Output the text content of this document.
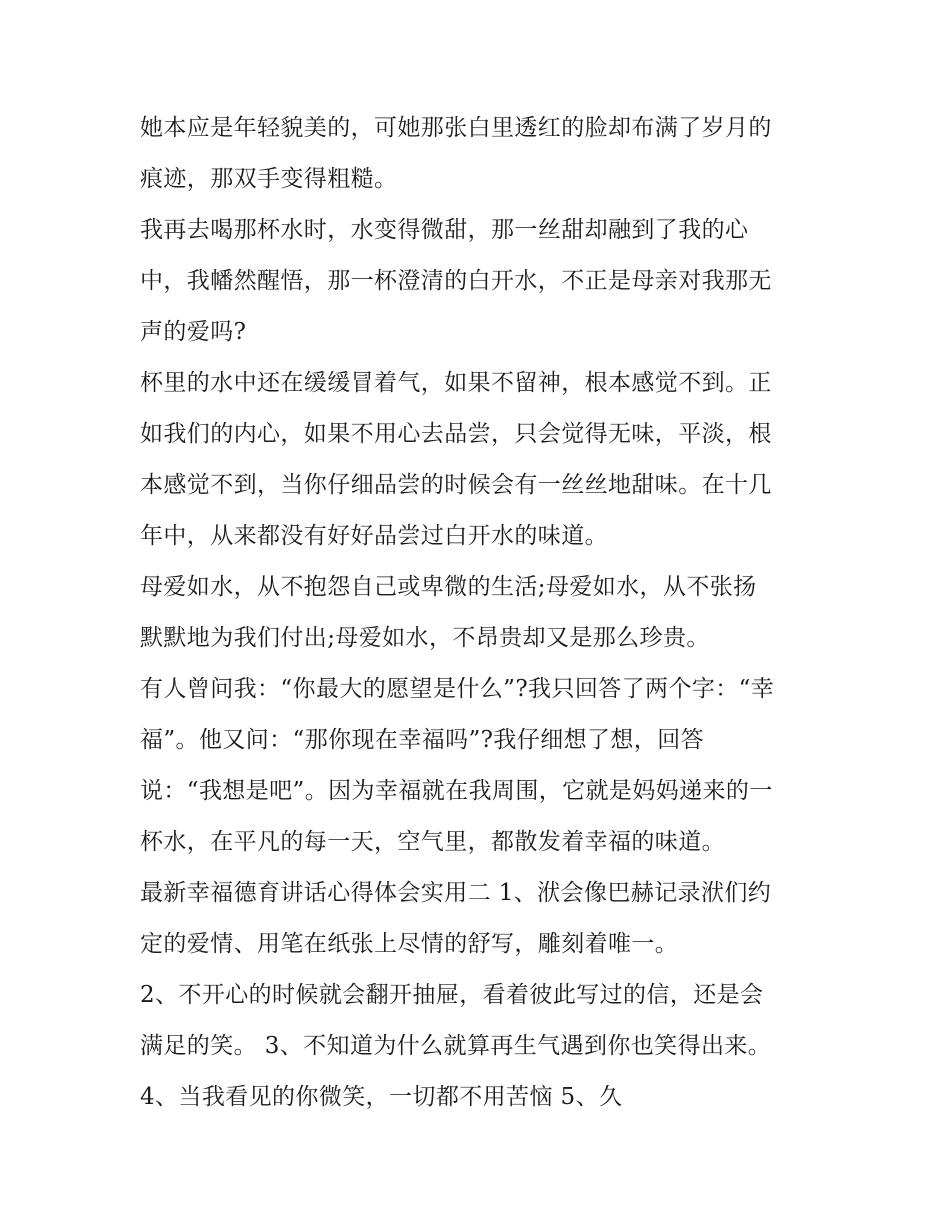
她本应是年轻貌美的，可她那张白里透红的脸却布满了岁月的
痕迹，那双手变得粗糙。
我再去喝那杯水时，水变得微甜，那一丝甜却融到了我的心
中，我幡然醒悟，那一杯澄清的白开水，不正是母亲对我那无
声的爱吗?
杯里的水中还在缓缓冒着气，如果不留神，根本感觉不到。正
如我们的内心，如果不用心去品尝，只会觉得无味，平淡，根
本感觉不到，当你仔细品尝的时候会有一丝丝地甜味。在十几
年中，从来都没有好好品尝过白开水的味道。
母爱如水，从不抱怨自己或卑微的生活;母爱如水，从不张扬
默默地为我们付出;母爱如水，不昂贵却又是那么珍贵。
有人曾问我：“你最大的愿望是什么”?我只回答了两个字：“幸
福”。他又问：“那你现在幸福吗”?我仔细想了想，回答
说：“我想是吧”。因为幸福就在我周围，它就是妈妈递来的一
杯水，在平凡的每一天，空气里，都散发着幸福的味道。
最新幸福德育讲话心得体会实用二 1、洑会像巴赫记录洑们约
定的爱情、用笔在纸张上尽情的舒写，雕刻着唯一。
2、不开心的时候就会翻开抽屉，看着彼此写过的信，还是会
满足的笑。 3、不知道为什么就算再生气遇到你也笑得出来。
4、当我看见的你微笑，一切都不用苦恼 5、久
